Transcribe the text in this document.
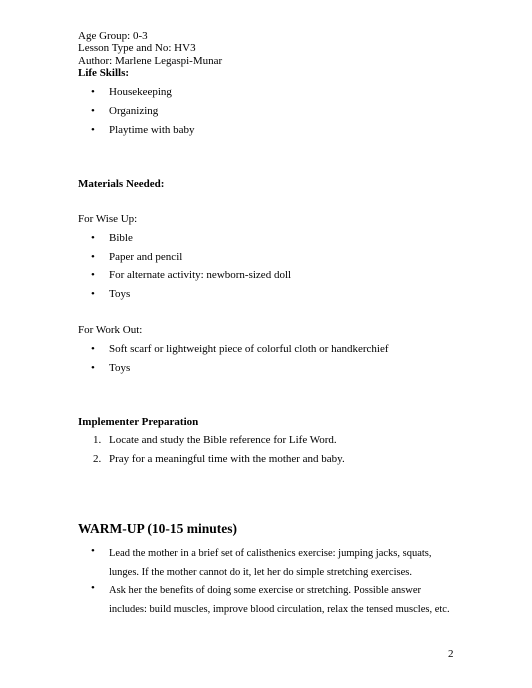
Age Group: 0-3
Lesson Type and No: HV3
Author: Marlene Legaspi-Munar
Life Skills:
• Housekeeping
• Organizing
• Playtime with baby
Materials Needed:
For Wise Up:
• Bible
• Paper and pencil
• For alternate activity: newborn-sized doll
• Toys
For Work Out:
• Soft scarf or lightweight piece of colorful cloth or handkerchief
• Toys
Implementer Preparation
1. Locate and study the Bible reference for Life Word.
2. Pray for a meaningful time with the mother and baby.
WARM-UP (10-15 minutes)
• Lead the mother in a brief set of calisthenics exercise: jumping jacks, squats, lunges. If the mother cannot do it, let her do simple stretching exercises.
• Ask her the benefits of doing some exercise or stretching. Possible answer includes: build muscles, improve blood circulation, relax the tensed muscles, etc.
2
